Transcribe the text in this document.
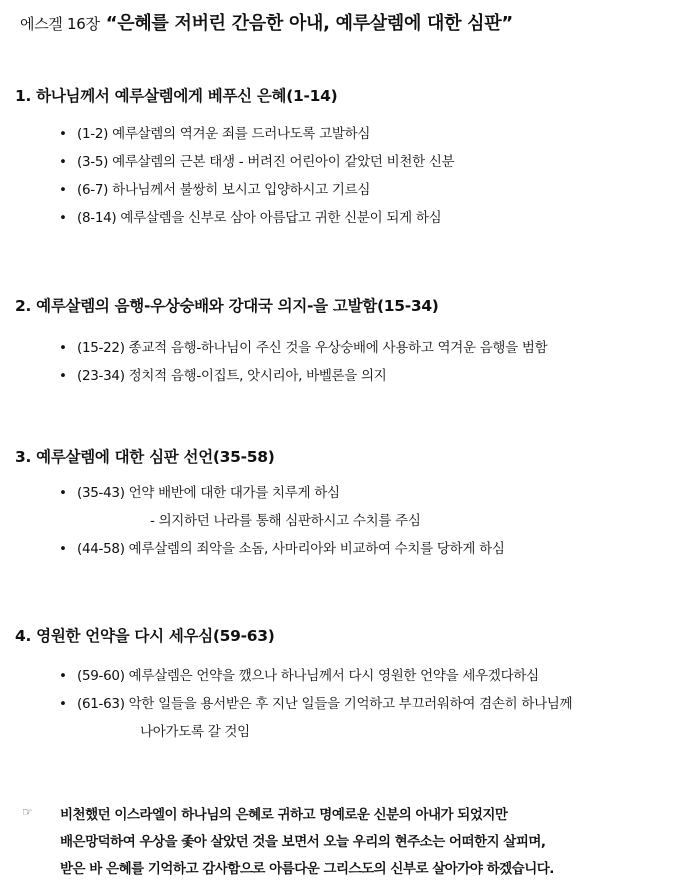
에스겔 16장 “은혜를 저버린 간음한 아내, 예루살렘에 대한 심판”

1. 하나님께서 예루살렘에게 베푸신 은혜(1-14)

• (1-2) 예루살렘의 역겨운 죄를 드러나도록 고발하심
• (3-5) 예루살렘의 근본 태생 - 버려진 어린아이 같았던 비천한 신분
• (6-7) 하나님께서 불쌍히 보시고 입양하시고 기르심
• (8-14) 예루살렘을 신부로 삼아 아름답고 귀한 신분이 되게 하심

2. 예루살렘의 음행-우상숭배와 강대국 의지-을 고발함(15-34)

• (15-22) 종교적 음행-하나님이 주신 것을 우상숭배에 사용하고 역겨운 음행을 범함
• (23-34) 정치적 음행-이집트, 앗시리아, 바벨론을 의지

3. 예루살렘에 대한 심판 선언(35-58)

• (35-43) 언약 배반에 대한 대가를 치루게 하심
- 의지하던 나라를 통해 심판하시고 수치를 주심
• (44-58) 예루살렘의 죄악을 소돔, 사마리아와 비교하여 수치를 당하게 하심

4. 영원한 언약을 다시 세우심(59-63)

• (59-60) 예루살렘은 언약을 깼으나 하나님께서 다시 영원한 언약을 세우겠다하심
• (61-63) 악한 일들을 용서받은 후 지난 일들을 기억하고 부끄러워하여 겸손히 하나님께
나아가도록 갈 것임
☞ 비천했던 이스라엘이 하나님의 은혜로 귀하고 명예로운 신분의 아내가 되었지만
배은망덕하여 우상을 좇아 살았던 것을 보면서 오늘 우리의 현주소는 어떠한지 살피며,
받은 바 은혜를 기억하고 감사함으로 아름다운 그리스도의 신부로 살아가야 하겠습니다.
